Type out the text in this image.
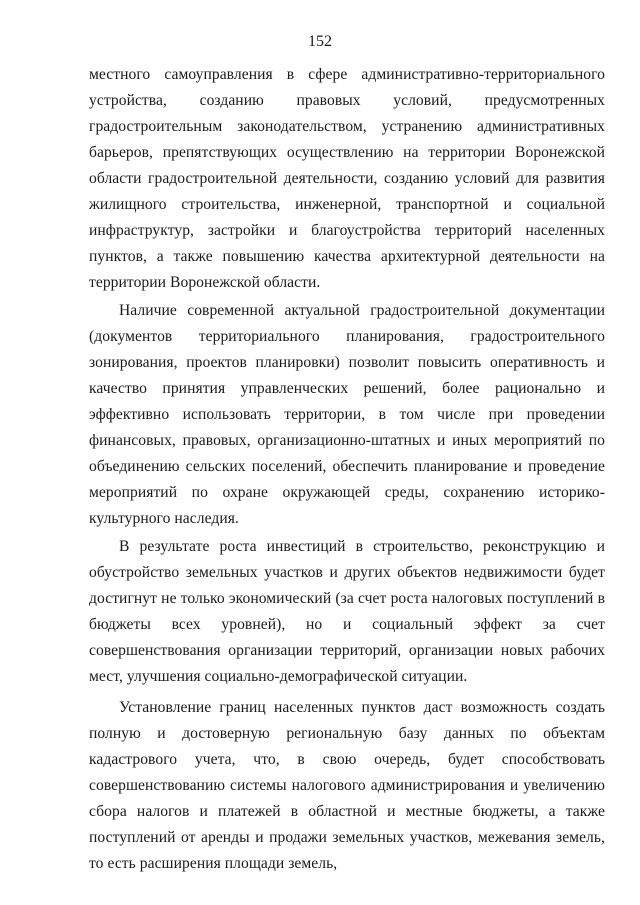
152

местного самоуправления в сфере административно-территориального устройства, созданию правовых условий, предусмотренных градостроительным законодательством, устранению административных барьеров, препятствующих осуществлению на территории Воронежской области градостроительной деятельности, созданию условий для развития жилищного строительства, инженерной, транспортной и социальной инфраструктур, застройки и благоустройства территорий населенных пунктов, а также повышению качества архитектурной деятельности на территории Воронежской области.

Наличие современной актуальной градостроительной документации (документов территориального планирования, градостроительного зонирования, проектов планировки) позволит повысить оперативность и качество принятия управленческих решений, более рационально и эффективно использовать территории, в том числе при проведении финансовых, правовых, организационно-штатных и иных мероприятий по объединению сельских поселений, обеспечить планирование и проведение мероприятий по охране окружающей среды, сохранению историко-культурного наследия.

В результате роста инвестиций в строительство, реконструкцию и обустройство земельных участков и других объектов недвижимости будет достигнут не только экономический (за счет роста налоговых поступлений в бюджеты всех уровней), но и социальный эффект за счет совершенствования организации территорий, организации новых рабочих мест, улучшения социально-демографической ситуации.

Установление границ населенных пунктов даст возможность создать полную и достоверную региональную базу данных по объектам кадастрового учета, что, в свою очередь, будет способствовать совершенствованию системы налогового администрирования и увеличению сбора налогов и платежей в областной и местные бюджеты, а также поступлений от аренды и продажи земельных участков, межевания земель, то есть расширения площади земель,
